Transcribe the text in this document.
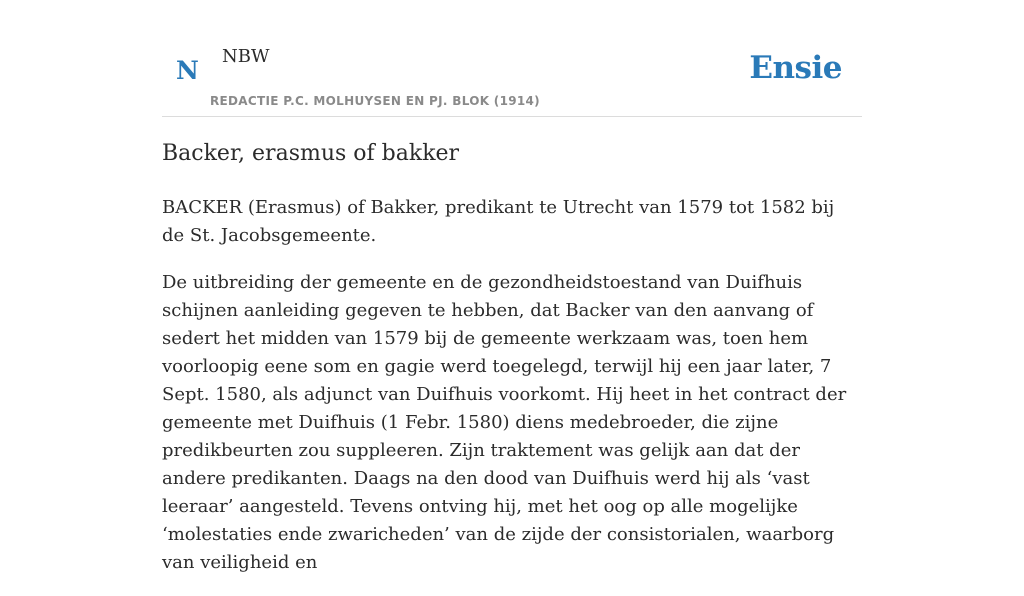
N NBW
REDACTIE P.C. MOLHUYSEN EN PJ. BLOK (1914)
Ensie
Backer, erasmus of bakker

BACKER (Erasmus) of Bakker, predikant te Utrecht van 1579 tot 1582 bij de St. Jacobsgemeente.

De uitbreiding der gemeente en de gezondheidstoestand van Duifhuis schijnen aanleiding gegeven te hebben, dat Backer van den aanvang of sedert het midden van 1579 bij de gemeente werkzaam was, toen hem voorloopig eene som en gagie werd toegelegd, terwijl hij een jaar later, 7 Sept. 1580, als adjunct van Duifhuis voorkomt. Hij heet in het contract der gemeente met Duifhuis (1 Febr. 1580) diens medebroeder, die zijne predikbeurten zou suppleeren. Zijn traktement was gelijk aan dat der andere predikanten. Daags na den dood van Duifhuis werd hij als ‘vast leeraar’ aangesteld. Tevens ontving hij, met het oog op alle mogelijke ‘molestaties ende zwaricheden’ van de zijde der consistorialen, waarborg van veiligheid en
